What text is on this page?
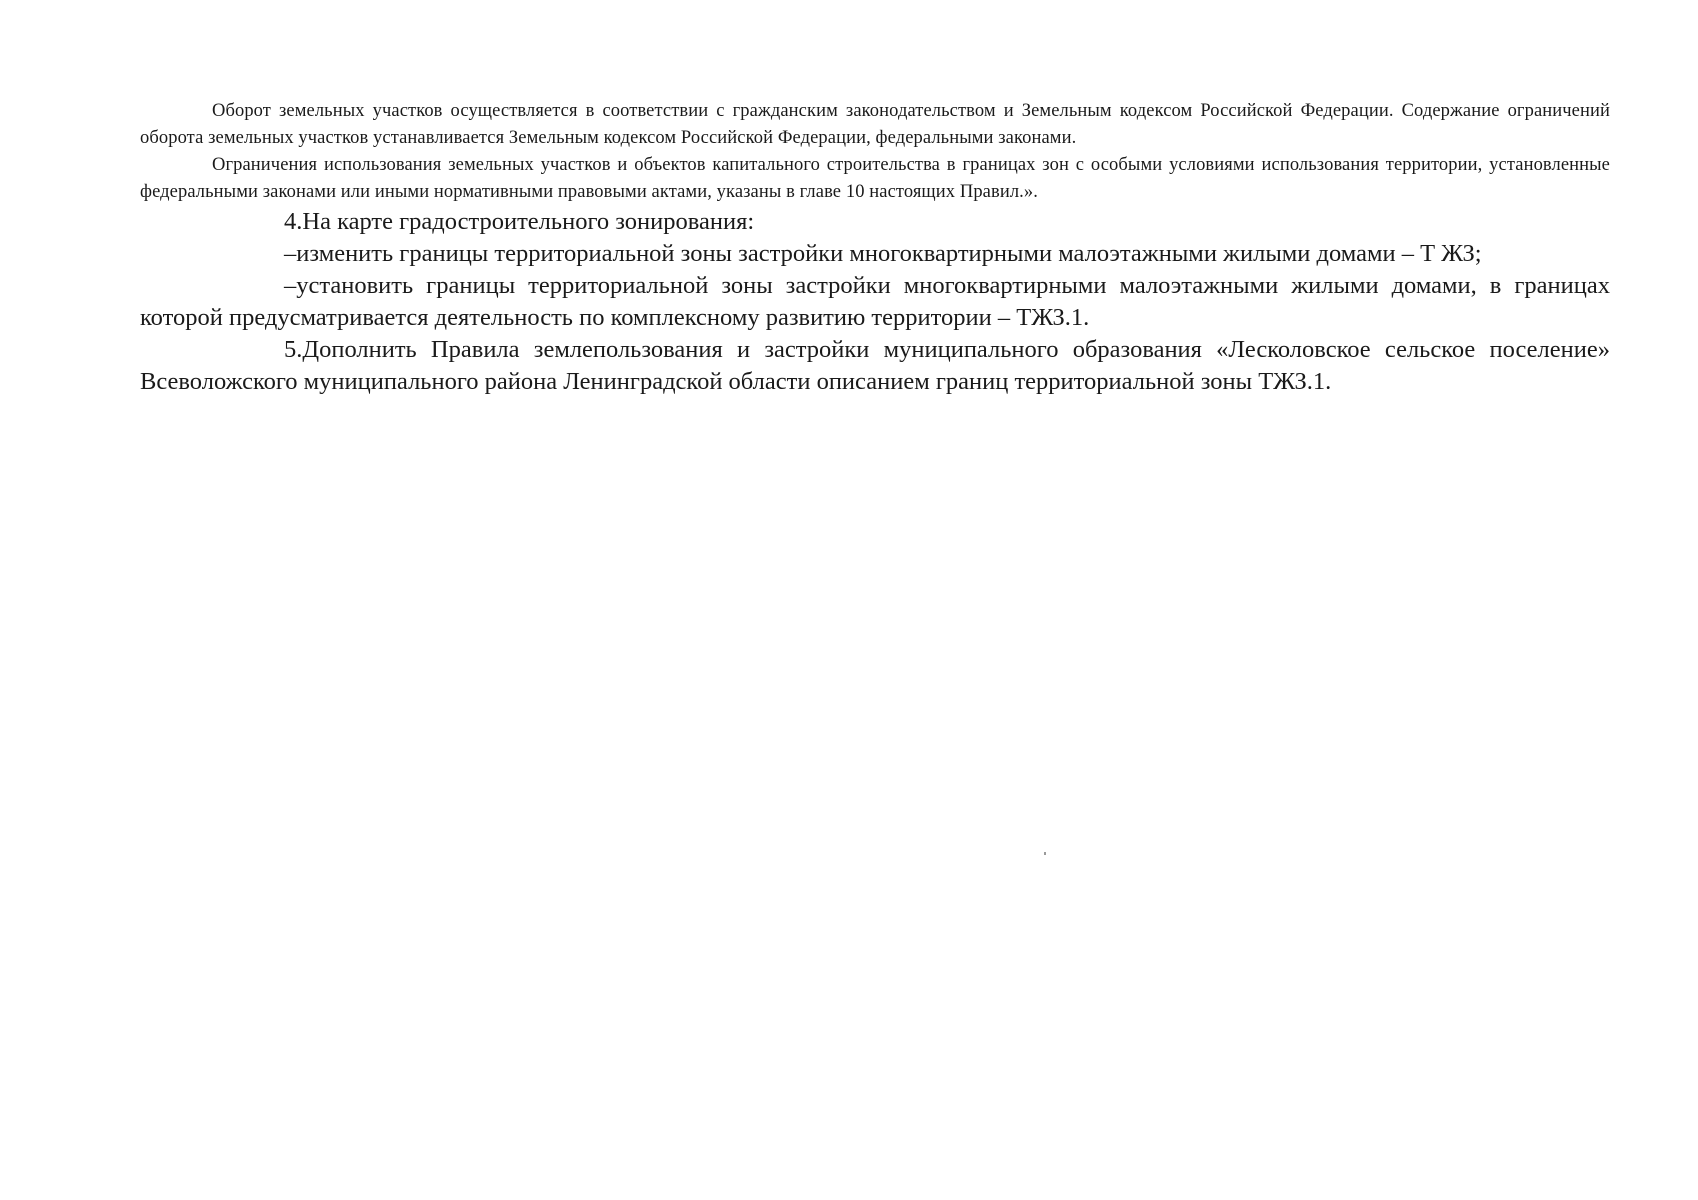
Оборот земельных участков осуществляется в соответствии с гражданским законодательством и Земельным кодексом Российской Федерации. Содержание ограничений оборота земельных участков устанавливается Земельным кодексом Российской Федерации, федеральными законами.

Ограничения использования земельных участков и объектов капитального строительства в границах зон с особыми условиями использования территории, установленные федеральными законами или иными нормативными правовыми актами, указаны в главе 10 настоящих Правил.».

4.На карте градостроительного зонирования:

–изменить границы территориальной зоны застройки многоквартирными малоэтажными жилыми домами – Т ЖЗ;

–установить границы территориальной зоны застройки многоквартирными малоэтажными жилыми домами, в границах которой предусматривается деятельность по комплексному развитию территории – ТЖЗ.1.

5.Дополнить Правила землепользования и застройки муниципального образования «Лесколовское сельское поселение» Всеволожского муниципального района Ленинградской области описанием границ территориальной зоны ТЖЗ.1.
